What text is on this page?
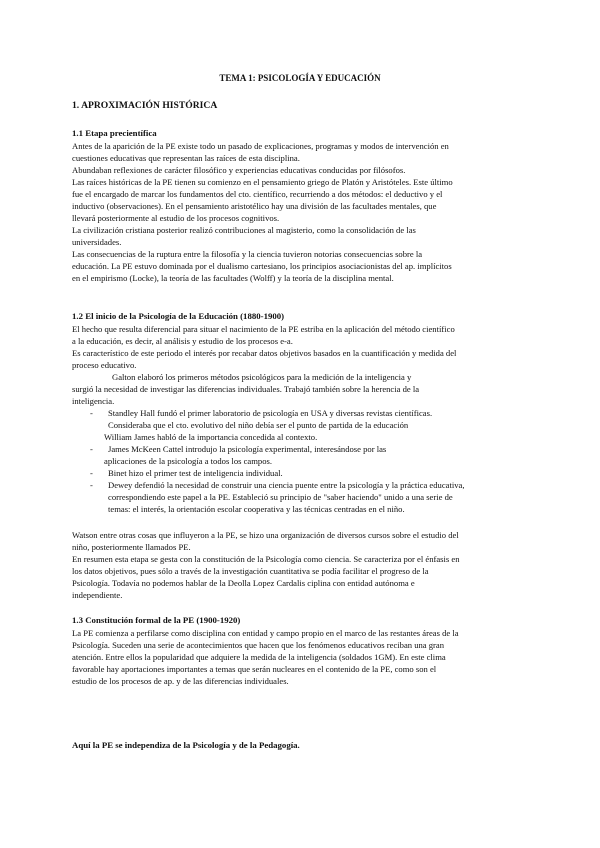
TEMA 1: PSICOLOGÍA Y EDUCACIÓN
1. APROXIMACIÓN HISTÓRICA
1.1 Etapa precientífica

Antes de la aparición de la PE existe todo un pasado de explicaciones, programas y modos de intervención en

cuestiones educativas que representan las raíces de esta disciplina.

Abundaban reflexiones de carácter filosófico y experiencias educativas conducidas por filósofos.

Las raíces históricas de la PE tienen su comienzo en el pensamiento griego de Platón y Aristóteles. Este último

fue el encargado de marcar los fundamentos del cto. científico, recurriendo a dos métodos: el deductivo y el

inductivo (observaciones). En el pensamiento aristotélico hay una división de las facultades mentales, que

llevará posteriormente al estudio de los procesos cognitivos.

La civilización cristiana posterior realizó contribuciones al magisterio, como la consolidación de las

universidades.

Las consecuencias de la ruptura entre la filosofía y la ciencia tuvieron notorias consecuencias sobre la

educación. La PE estuvo dominada por el dualismo cartesiano, los principios asociacionistas del ap. implícitos

en el empirismo (Locke), la teoría de las facultades (Wolff) y la teoría de la disciplina mental.

1.2 El inicio de la Psicología de la Educación (1880-1900)

El hecho que resulta diferencial para situar el nacimiento de la PE estriba en la aplicación del método científico

a la educación, es decir, al análisis y estudio de los procesos e-a.

Es característico de este periodo el interés por recabar datos objetivos basados en la cuantificación y medida del

proceso educativo.

Galton elaboró los primeros métodos psicológicos para la medición de la inteligencia y

surgió la necesidad de investigar las diferencias individuales. Trabajó también sobre la herencia de la

inteligencia.

- Standley Hall fundó el primer laboratorio de psicología en USA y diversas revistas científicas.

Consideraba que el cto. evolutivo del niño debía ser el punto de partida de la educación

William James habló de la importancia concedida al contexto.

- James McKeen Cattel introdujo la psicología experimental, interesándose por las

aplicaciones de la psicología a todos los campos.

- Binet hizo el primer test de inteligencia individual.

- Dewey defendió la necesidad de construir una ciencia puente entre la psicología y la práctica educativa,

correspondiendo este papel a la PE. Estableció su principio de "saber haciendo" unido a una serie de

temas: el interés, la orientación escolar cooperativa y las técnicas centradas en el niño.

Watson entre otras cosas que influyeron a la PE, se hizo una organización de diversos cursos sobre el estudio del

niño, posteriormente llamados PE.

En resumen esta etapa se gesta con la constitución de la Psicología como ciencia. Se caracteriza por el énfasis en

los datos objetivos, pues sólo a través de la investigación cuantitativa se podía facilitar el progreso de la

Psicología. Todavía no podemos hablar de la Deolla Lopez Cardalis ciplina con entidad autónoma e

independiente.

1.3 Constitución formal de la PE (1900-1920)

La PE comienza a perfilarse como disciplina con entidad y campo propio en el marco de las restantes áreas de la

Psicología. Suceden una serie de acontecimientos que hacen que los fenómenos educativos reciban una gran

atención. Entre ellos la popularidad que adquiere la medida de la inteligencia (soldados 1GM). En este clima

favorable hay aportaciones importantes a temas que serán nucleares en el contenido de la PE, como son el

estudio de los procesos de ap. y de las diferencias individuales.

Aquí la PE se independiza de la Psicología y de la Pedagogía.
